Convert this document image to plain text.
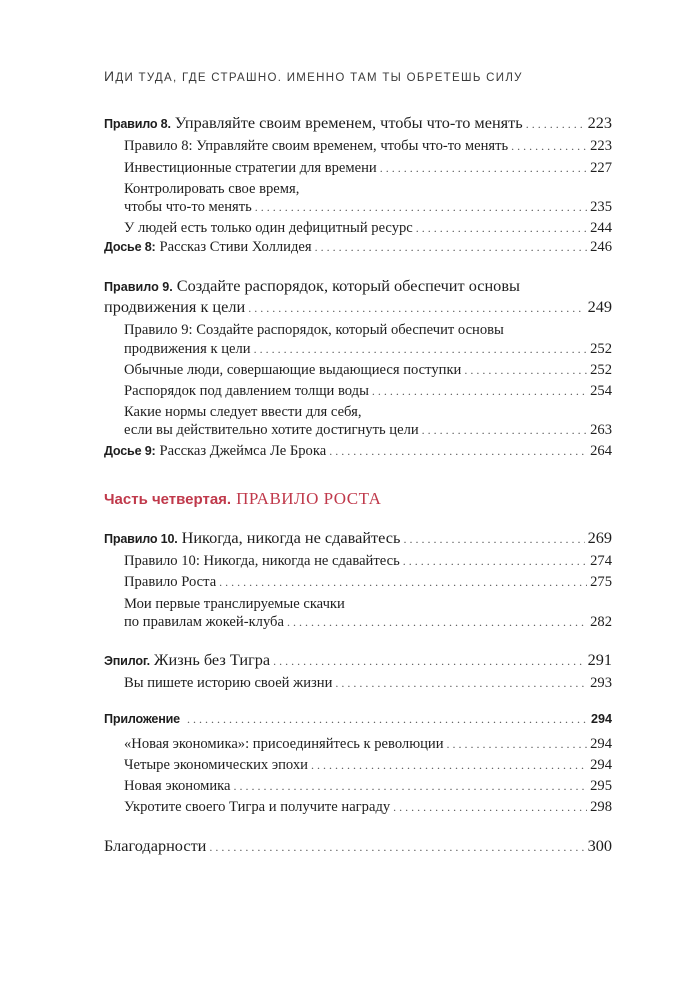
ИДИ ТУДА, ГДЕ СТРАШНО. ИМЕННО ТАМ ТЫ ОБРЕТЕШЬ СИЛУ
Правило 8. Управляйте своим временем, чтобы что-то менять . . .	223
Правило 8: Управляйте своим временем, чтобы что-то менять . . .	223
Инвестиционные стратегии для времени . . .	227
Контролировать свое время,
чтобы что-то менять . . .	235
У людей есть только один дефицитный ресурс . . .	244
Досье 8: Рассказ Стиви Холлидея . . .	246
Правило 9. Создайте распорядок, который обеспечит основы
продвижения к цели . . .	249
Правило 9: Создайте распорядок, который обеспечит основы
продвижения к цели . . .	252
Обычные люди, совершающие выдающиеся поступки . . .	252
Распорядок под давлением толщи воды . . .	254
Какие нормы следует ввести для себя,
если вы действительно хотите достигнуть цели . . .	263
Досье 9: Рассказ Джеймса Ле Брока . . .	264
Часть четвертая. ПРАВИЛО РОСТА
Правило 10. Никогда, никогда не сдавайтесь . . .	269
Правило 10: Никогда, никогда не сдавайтесь . . .	274
Правило Роста . . .	275
Мои первые транслируемые скачки
по правилам жокей-клуба . . .	282
Эпилог. Жизнь без Тигра . . .	291
Вы пишете историю своей жизни . . .	293
Приложение . . .	294
«Новая экономика»: присоединяйтесь к революции . . .	294
Четыре экономических эпохи . . .	294
Новая экономика . . .	295
Укротите своего Тигра и получите награду . . .	298
Благодарности . . .	300
